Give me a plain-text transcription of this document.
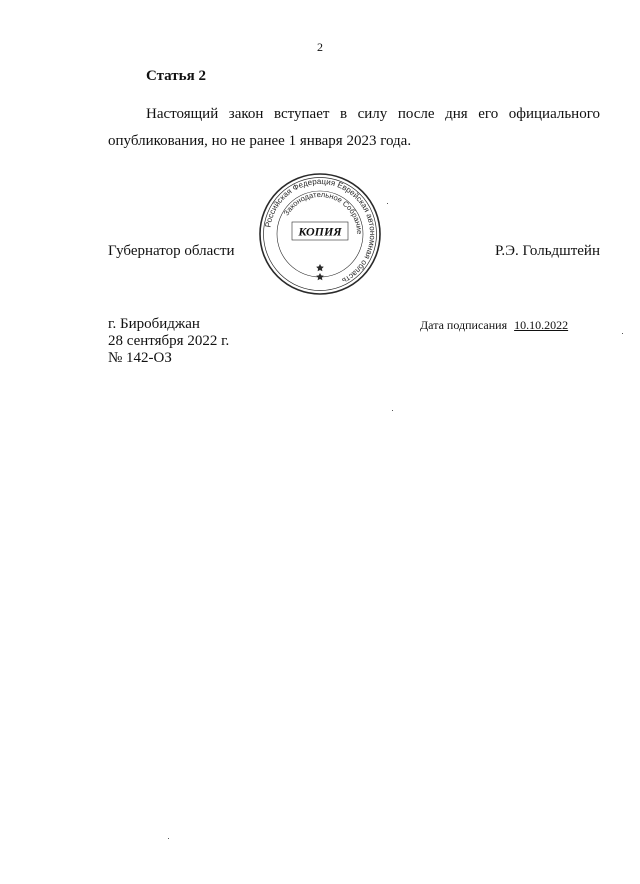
2
Статья 2

Настоящий закон вступает в силу после дня его официального опубликования, но не ранее 1 января 2023 года.

Губернатор области
Российская Федерация Еврейская автономная область
Законодательное Собрание
КОПИЯ
Р.Э. Гольдштейн
г. Биробиджан
28 сентября 2022 г.
№ 142-ОЗ
Дата подписания 10.10.2022
